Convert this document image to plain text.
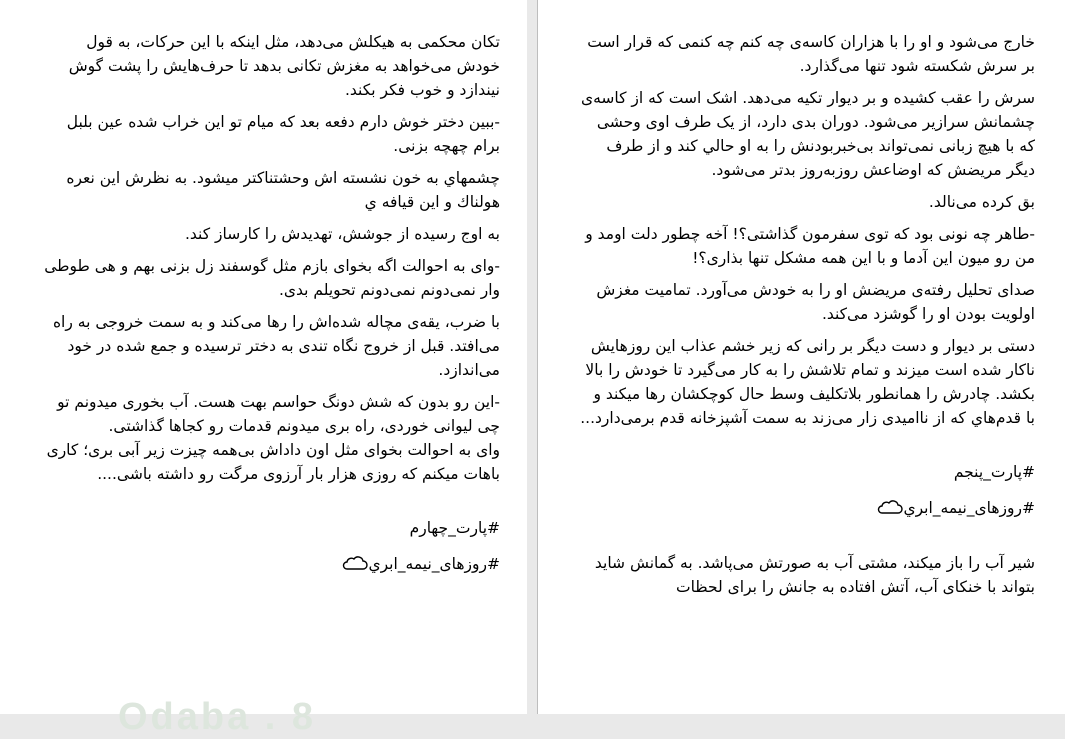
تکان محکمی به هیکلش می‌دهد، مثل اینکه با این حرکات، به قول خودش می‌خواهد به مغزش تکانی بدهد تا حرف‌هایش را پشت گوش نیندازد و خوب فکر بکند.

-ببین دختر خوش دارم دفعه بعد که میام تو این خراب شده عین بلبل برام چهچه بزنی.

چشمهاي به خون نشسته اش وحشتناکتر میشود. به نظرش این نعره هولناك و این قیافه ي

به اوج رسیده از جوشش، تهدیدش را کارساز کند.

-وای به احوالت اگه بخوای بازم مثل گوسفند زل بزنی بهم و هی طوطی وار نمی‌دونم نمی‌دونم تحویلم بدی.

با ضرب، یقه‌ی مچاله شده‌اش را رها می‌کند و به سمت خروجی به راه می‌افتد. قبل از خروج نگاه تندی به دختر ترسیده و جمع شده در خود می‌اندازد.

-این رو بدون که شش دونگ حواسم بهت هست. آب بخوری میدونم تو چی لیوانی خوردی، راه بری میدونم قدمات رو کجاها گذاشتی.
وای به احوالت بخوای مثل اون داداش بی‌همه چیزت زیر آبی بری؛ کاری باهات میکنم که روزی هزار بار آرزوی مرگت رو داشته باشی....

#پارت_چهارم

#روزهای_نیمه_ابري

Odaba . 8

خارج می‌شود و او را با هزاران کاسه‌ی چه کنم چه کنمی که قرار است بر سرش شکسته شود تنها می‌گذارد.

سرش را عقب کشیده و بر دیوار تکیه می‌دهد. اشک است که از کاسه‌ی چشمانش سرازیر می‌شود. دوران بدی دارد، از یک طرف اوی وحشی که با هیچ زبانی نمی‌تواند بی‌خبربودنش را به او حالي کند و از طرف دیگر مریضش که اوضاعش روزبه‌روز بدتر می‌شود.

بق کرده می‌نالد.

-طاهر چه نونی بود که توی سفرمون گذاشتی؟! آخه چطور دلت اومد و من رو میون این آدما و با این همه مشکل تنها بذاری؟!

صدای تحلیل رفته‌ی مریضش او را به خودش می‌آورد. تمامیت مغزش اولویت بودن او را گوشزد می‌کند.

دستی بر دیوار و دست دیگر بر رانی که زیر خشم عذاب این روزهایش ناکار شده است میزند و تمام تلاشش را به کار می‌گیرد تا خودش را بالا بکشد. چادرش را همانطور بلاتکلیف وسط حال کوچکشان رها میکند و با قدم‌هاي که از ناامیدی زار می‌زند به سمت آشپزخانه قدم برمی‌دارد...

#پارت_پنجم

#روزهای_نیمه_ابري

شیر آب را باز میکند، مشتی آب به صورتش می‌پاشد. به گمانش شاید بتواند با خنکای آب، آتش افتاده به جانش را برای لحظات
